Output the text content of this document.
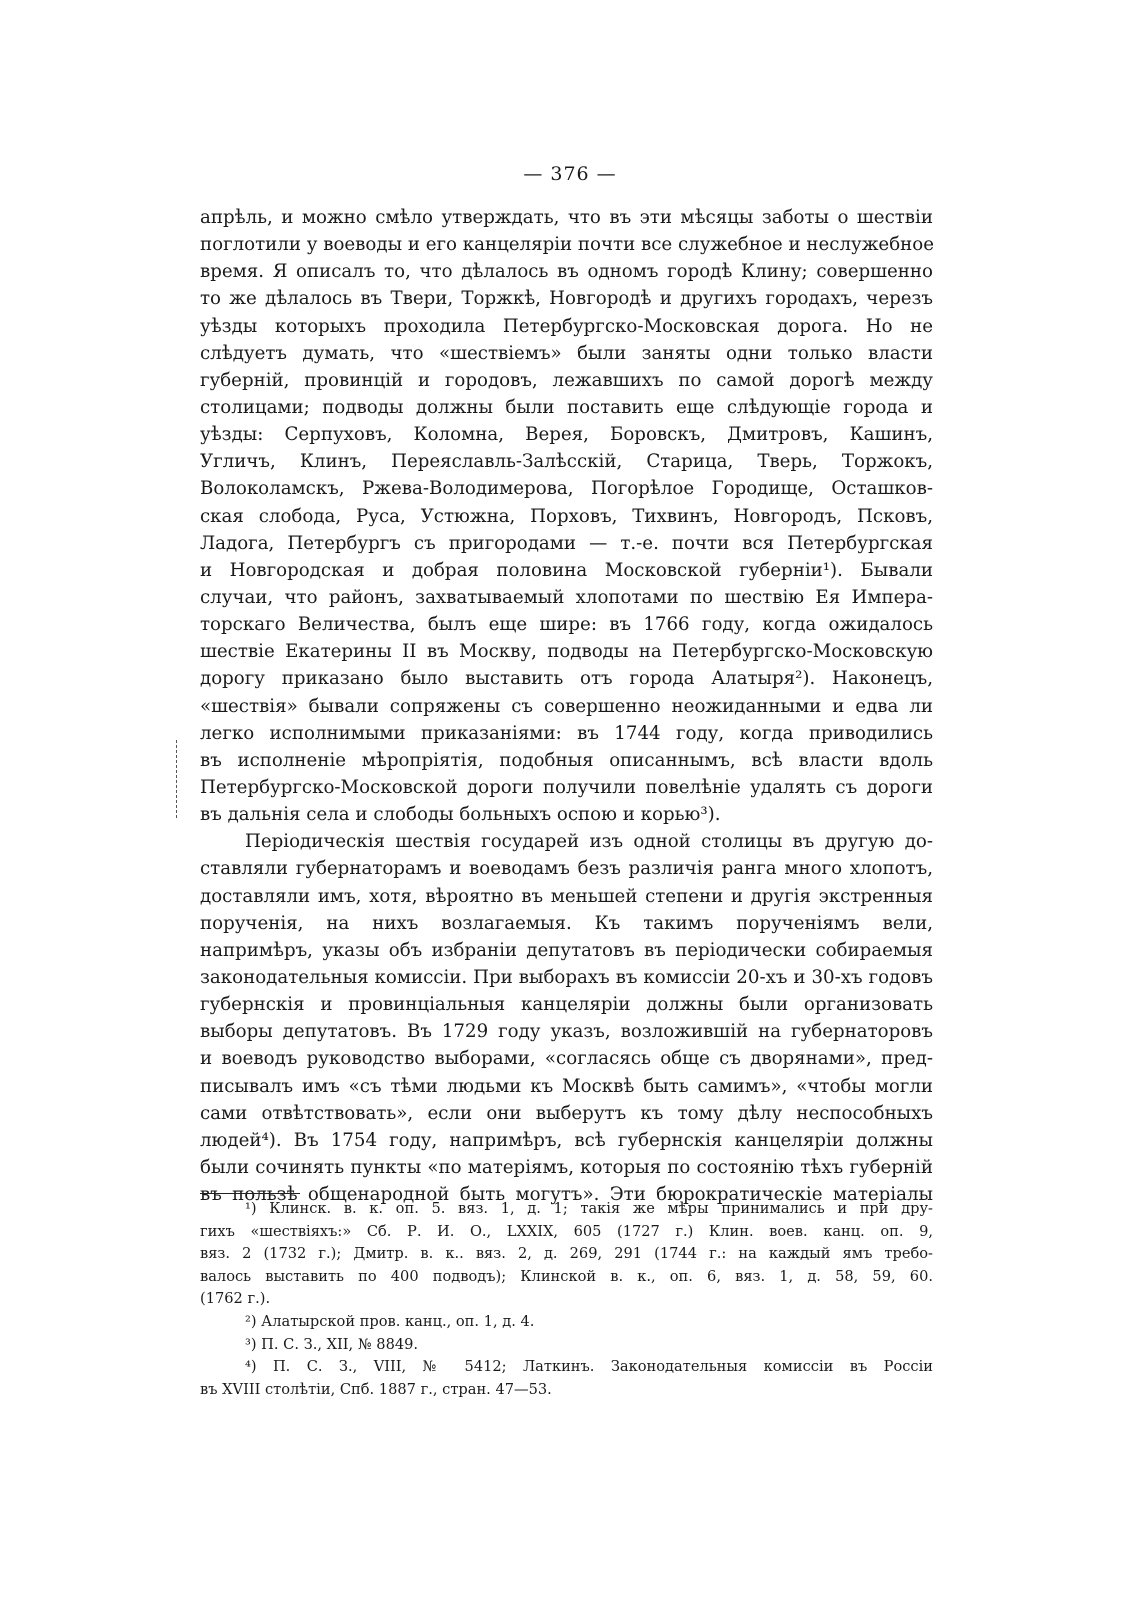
— 376 —
апрѣль, и можно смѣло утверждать, что въ эти мѣсяцы заботы о шествіи
поглотили у воеводы и его канцеляріи почти все служебное и неслужебное
время. Я описалъ то, что дѣлалось въ одномъ городѣ Клину; совершенно
то же дѣлалось въ Твери, Торжкѣ, Новгородѣ и другихъ городахъ, черезъ
уѣзды которыхъ проходила Петербургско-Московская дорога. Но не
слѣдуетъ думать, что «шествіемъ» были заняты одни только власти
губерній, провинцій и городовъ, лежавшихъ по самой дорогѣ между
столицами; подводы должны были поставить еще слѣдующіе города и
уѣзды: Серпуховъ, Коломна, Верея, Боровскъ, Дмитровъ, Кашинъ,
Угличъ, Клинъ, Переяславль-Залѣсскій, Старица, Тверь, Торжокъ,
Волоколамскъ, Ржева-Володимерова, Погорѣлое Городище, Осташков-
ская слобода, Руса, Устюжна, Порховъ, Тихвинъ, Новгородъ, Псковъ,
Ладога, Петербургъ съ пригородами — т.-е. почти вся Петербургская
и Новгородская и добрая половина Московской губерніи¹). Бывали
случаи, что районъ, захватываемый хлопотами по шествію Ея Импера-
торскаго Величества, былъ еще шире: въ 1766 году, когда ожидалось
шествіе Екатерины II въ Москву, подводы на Петербургско-Московскую
дорогу приказано было выставить отъ города Алатыря²). Наконецъ,
«шествія» бывали сопряжены съ совершенно неожиданными и едва ли
легко исполнимыми приказаніями: въ 1744 году, когда приводились
въ исполненіе мѣропріятія, подобныя описаннымъ, всѣ власти вдоль
Петербургско-Московской дороги получили повелѣніе удалять съ дороги
въ дальнія села и слободы больныхъ оспою и корью³).
Періодическія шествія государей изъ одной столицы въ другую до-
ставляли губернаторамъ и воеводамъ безъ различія ранга много хлопотъ,
доставляли имъ, хотя, вѣроятно въ меньшей степени и другія экстренныя
порученія, на нихъ возлагаемыя. Къ такимъ порученіямъ вели,
напримѣръ, указы объ избраніи депутатовъ въ періодически собираемыя
законодательныя комиссіи. При выборахъ въ комиссіи 20-хъ и 30-хъ годовъ
губернскія и провинціальныя канцеляріи должны были организовать
выборы депутатовъ. Въ 1729 году указъ, возложившій на губернаторовъ
и воеводъ руководство выборами, «согласясь обще съ дворянами», пред-
писывалъ имъ «съ тѣми людьми къ Москвѣ быть самимъ», «чтобы могли
сами отвѣтствовать», если они выберутъ къ тому дѣлу неспособныхъ
людей⁴). Въ 1754 году, напримѣръ, всѣ губернскія канцеляріи должны
были сочинять пункты «по матеріямъ, которыя по состоянію тѣхъ губерній
въ пользѣ общенародной быть могутъ». Эти бюрократическіе матеріалы
¹) Клинск. в. к. оп. 5. вяз. 1, д. 1; такія же мѣры принимались и при дру-
гихъ «шествіяхъ:» Сб. Р. И. О., LXXIX, 605 (1727 г.) Клин. воев. канц. оп. 9,
вяз. 2 (1732 г.); Дмитр. в. к.. вяз. 2, д. 269, 291 (1744 г.: на каждый ямъ требо-
валось выставить по 400 подводъ); Клинской в. к., оп. 6, вяз. 1, д. 58, 59, 60.
(1762 г.).
²) Алатырской пров. канц., оп. 1, д. 4.
³) П. С. З., XII, № 8849.
⁴) П. С. З., VIII, № 5412; Латкинъ. Законодательныя комиссіи въ Россіи
въ XVIII столѣтіи, Спб. 1887 г., стран. 47—53.
